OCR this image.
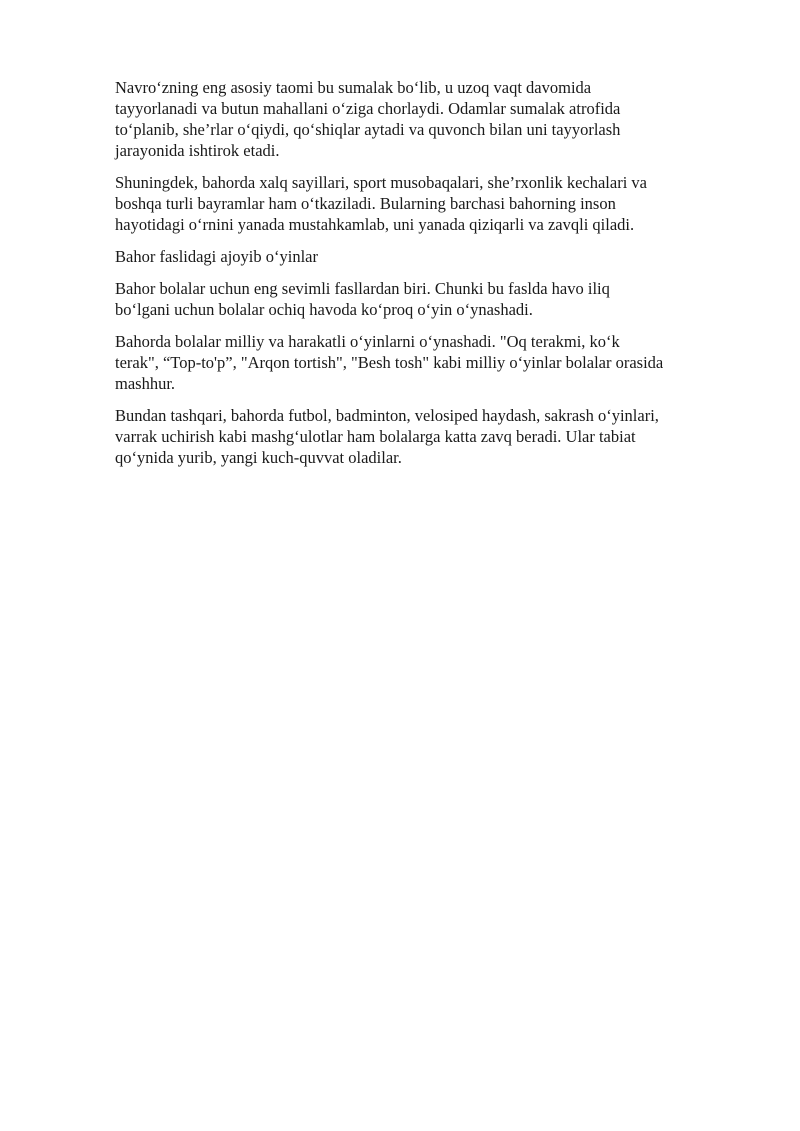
Navro‘zning eng asosiy taomi bu sumalak bo‘lib, u uzoq vaqt davomida
tayyorlanadi va butun mahallani o‘ziga chorlaydi. Odamlar sumalak atrofida
to‘planib, she’rlar o‘qiydi, qo‘shiqlar aytadi va quvonch bilan uni tayyorlash
jarayonida ishtirok etadi.

Shuningdek, bahorda xalq sayillari, sport musobaqalari, she’rxonlik kechalari va
boshqa turli bayramlar ham o‘tkaziladi. Bularning barchasi bahorning inson
hayotidagi o‘rnini yanada mustahkamlab, uni yanada qiziqarli va zavqli qiladi.

Bahor faslidagi ajoyib o‘yinlar

Bahor bolalar uchun eng sevimli fasllardan biri. Chunki bu faslda havo iliq
bo‘lgani uchun bolalar ochiq havoda ko‘proq o‘yin o‘ynashadi.

Bahorda bolalar milliy va harakatli o‘yinlarni o‘ynashadi. "Oq terakmi, ko‘k
terak", “Top-to'p”, "Arqon tortish", "Besh tosh" kabi milliy o‘yinlar bolalar orasida
mashhur.

Bundan tashqari, bahorda futbol, badminton, velosiped haydash, sakrash o‘yinlari,
varrak uchirish kabi mashg‘ulotlar ham bolalarga katta zavq beradi. Ular tabiat
qo‘ynida yurib, yangi kuch-quvvat oladilar.
